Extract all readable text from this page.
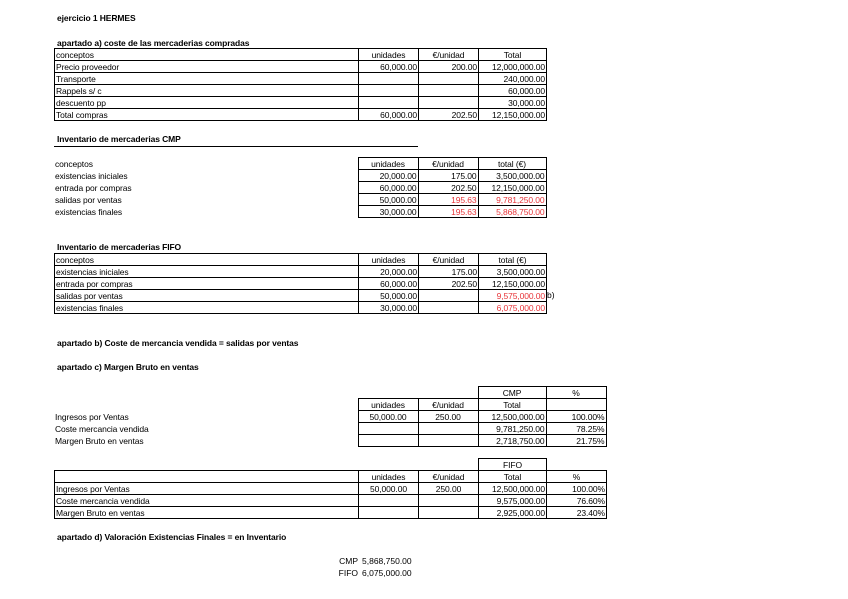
ejercicio 1 HERMES
apartado a) coste de las mercaderias compradas
conceptos	unidades	€/unidad	Total
Precio proveedor	60,000.00	200.00	12,000,000.00
Transporte			240,000.00
Rappels s/ c			60,000.00
descuento pp			30,000.00
Total compras	60,000.00	202.50	12,150,000.00
Inventario de mercaderias CMP
conceptos	unidades	€/unidad	total (€)
existencias iniciales	20,000.00	175.00	3,500,000.00
entrada por compras	60,000.00	202.50	12,150,000.00
salidas por ventas	50,000.00	195.63	9,781,250.00
existencias finales	30,000.00	195.63	5,868,750.00
Inventario de mercaderias FIFO
conceptos	unidades	€/unidad	total (€)
existencias iniciales	20,000.00	175.00	3,500,000.00
entrada por compras	60,000.00	202.50	12,150,000.00
salidas por ventas	50,000.00		9,575,000.00
existencias finales	30,000.00		6,075,000.00
b)
apartado b) Coste de mercancia vendida = salidas por ventas
apartado c) Margen Bruto en ventas
			CMP	%
	unidades	€/unidad	Total	
Ingresos por Ventas	50,000.00	250.00	12,500,000.00	100.00%
Coste mercancia vendida			9,781,250.00	78.25%
Margen Bruto en ventas			2,718,750.00	21.75%
			FIFO	
	unidades	€/unidad	Total	%
Ingresos por Ventas	50,000.00	250.00	12,500,000.00	100.00%
Coste mercancia vendida			9,575,000.00	76.60%
Margen Bruto en ventas			2,925,000.00	23.40%
apartado d) Valoración Existencias Finales = en Inventario
CMP 5,868,750.00
FIFO 6,075,000.00
